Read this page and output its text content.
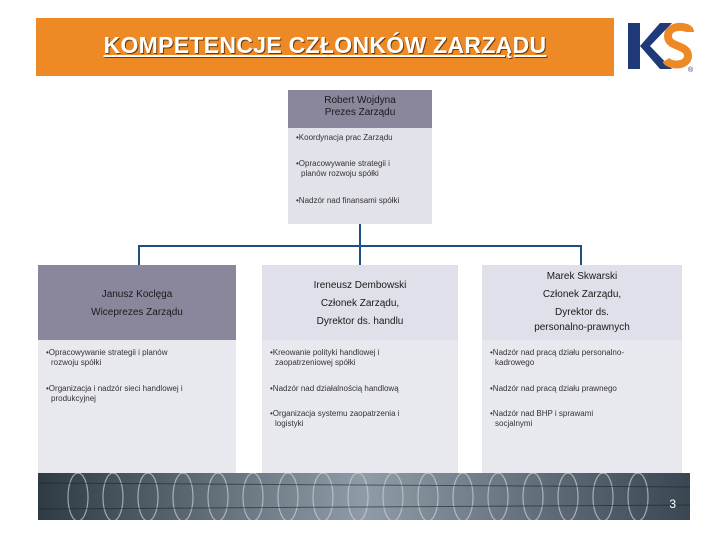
KOMPETENCJE CZŁONKÓW ZARZĄDU
®
Robert Wojdyna
Prezes Zarządu
•Koordynacja prac Zarządu
•Opracowywanie strategii i
planów rozwoju spółki
•Nadzór nad finansami spółki
Janusz Koclęga
Wiceprezes Zarządu
Ireneusz Dembowski
Członek Zarządu,
Dyrektor ds. handlu
Marek Skwarski
Członek Zarządu,
Dyrektor ds.
personalno-prawnych
•Opracowywanie strategii i planów
rozwoju spółki
•Organizacja i nadzór sieci handlowej i
produkcyjnej
•Kreowanie polityki handlowej i
zaopatrzeniowej spółki
•Nadzór nad działalnością handlową
•Organizacja systemu zaopatrzenia i
logistyki
•Nadzór nad pracą działu personalno-
kadrowego
•Nadzór nad pracą działu prawnego
•Nadzór nad BHP i sprawami
socjalnymi
3
